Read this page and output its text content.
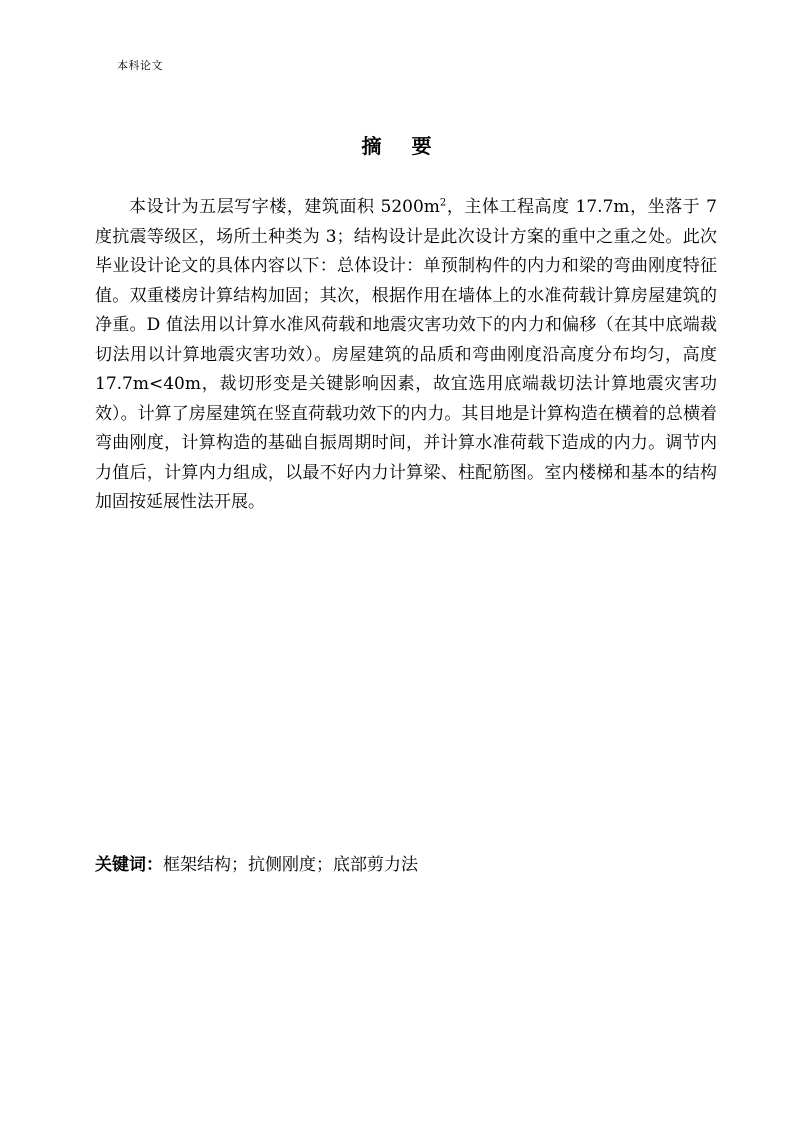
本科论文
摘要

本设计为五层写字楼，建筑面积 $5200m^2$，主体工程高度 17.7m，坐落于 7 度抗震等级区，场所土种类为 3；结构设计是此次设计方案的重中之重之处。此次毕业设计论文的具体内容以下：总体设计：单预制构件的内力和梁的弯曲刚度特征值。双重楼房计算结构加固；其次，根据作用在墙体上的水准荷载计算房屋建筑的净重。D 值法用以计算水准风荷载和地震灾害功效下的内力和偏移（在其中底端裁切法用以计算地震灾害功效）。房屋建筑的品质和弯曲刚度沿高度分布均匀，高度 17.7m<40m，裁切形变是关键影响因素，故宜选用底端裁切法计算地震灾害功效）。计算了房屋建筑在竖直荷载功效下的内力。其目地是计算构造在横着的总横着弯曲刚度，计算构造的基础自振周期时间，并计算水准荷载下造成的内力。调节内力值后，计算内力组成，以最不好内力计算梁、柱配筋图。室内楼梯和基本的结构加固按延展性法开展。

关键词：框架结构；抗侧刚度；底部剪力法
